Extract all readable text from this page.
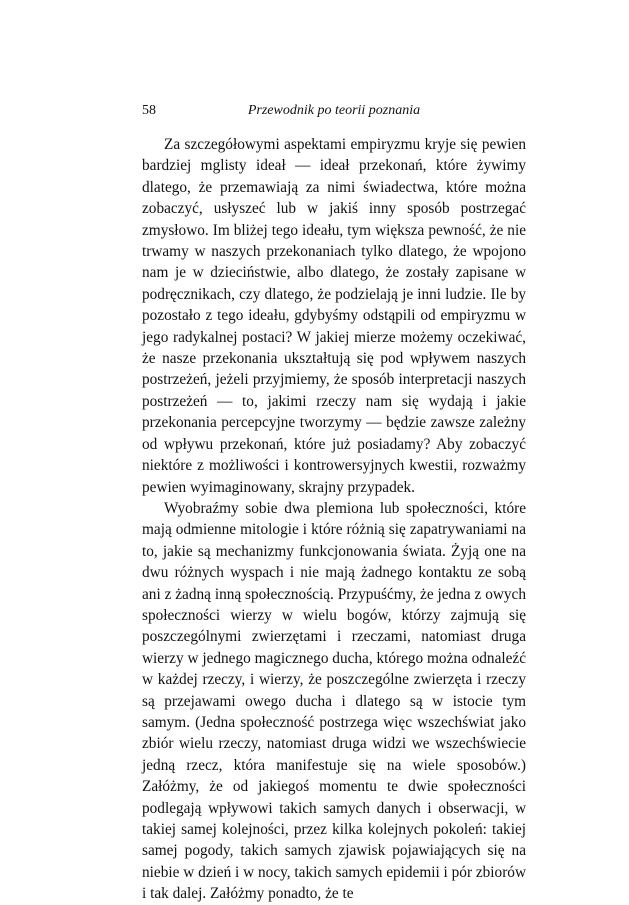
58	Przewodnik po teorii poznania

Za szczegółowymi aspektami empiryzmu kryje się pewien bardziej mglisty ideał — ideał przekonań, które żywimy dlatego, że przemawiają za nimi świadectwa, które można zobaczyć, usłyszeć lub w jakiś inny sposób postrzegać zmysłowo. Im bliżej tego ideału, tym większa pewność, że nie trwamy w naszych przekonaniach tylko dlatego, że wpojono nam je w dzieciństwie, albo dlatego, że zostały zapisane w podręcznikach, czy dlatego, że podzielają je inni ludzie. Ile by pozostało z tego ideału, gdybyśmy odstąpili od empiryzmu w jego radykalnej postaci? W jakiej mierze możemy oczekiwać, że nasze przekonania ukształtują się pod wpływem naszych postrzeżeń, jeżeli przyjmiemy, że sposób interpretacji naszych postrzeżeń — to, jakimi rzeczy nam się wydają i jakie przekonania percepcyjne tworzymy — będzie zawsze zależny od wpływu przekonań, które już posiadamy? Aby zobaczyć niektóre z możliwości i kontrowersyjnych kwestii, rozważmy pewien wyimaginowany, skrajny przypadek.

Wyobraźmy sobie dwa plemiona lub społeczności, które mają odmienne mitologie i które różnią się zapatrywaniami na to, jakie są mechanizmy funkcjonowania świata. Żyją one na dwu różnych wyspach i nie mają żadnego kontaktu ze sobą ani z żadną inną społecznością. Przypuśćmy, że jedna z owych społeczności wierzy w wielu bogów, którzy zajmują się poszczególnymi zwierzętami i rzeczami, natomiast druga wierzy w jednego magicznego ducha, którego można odnaleźć w każdej rzeczy, i wierzy, że poszczególne zwierzęta i rzeczy są przejawami owego ducha i dlatego są w istocie tym samym. (Jedna społeczność postrzega więc wszechświat jako zbiór wielu rzeczy, natomiast druga widzi we wszechświecie jedną rzecz, która manifestuje się na wiele sposobów.) Załóżmy, że od jakiegoś momentu te dwie społeczności podlegają wpływowi takich samych danych i obserwacji, w takiej samej kolejności, przez kilka kolejnych pokoleń: takiej samej pogody, takich samych zjawisk pojawiających się na niebie w dzień i w nocy, takich samych epidemii i pór zbiorów i tak dalej. Załóżmy ponadto, że te
